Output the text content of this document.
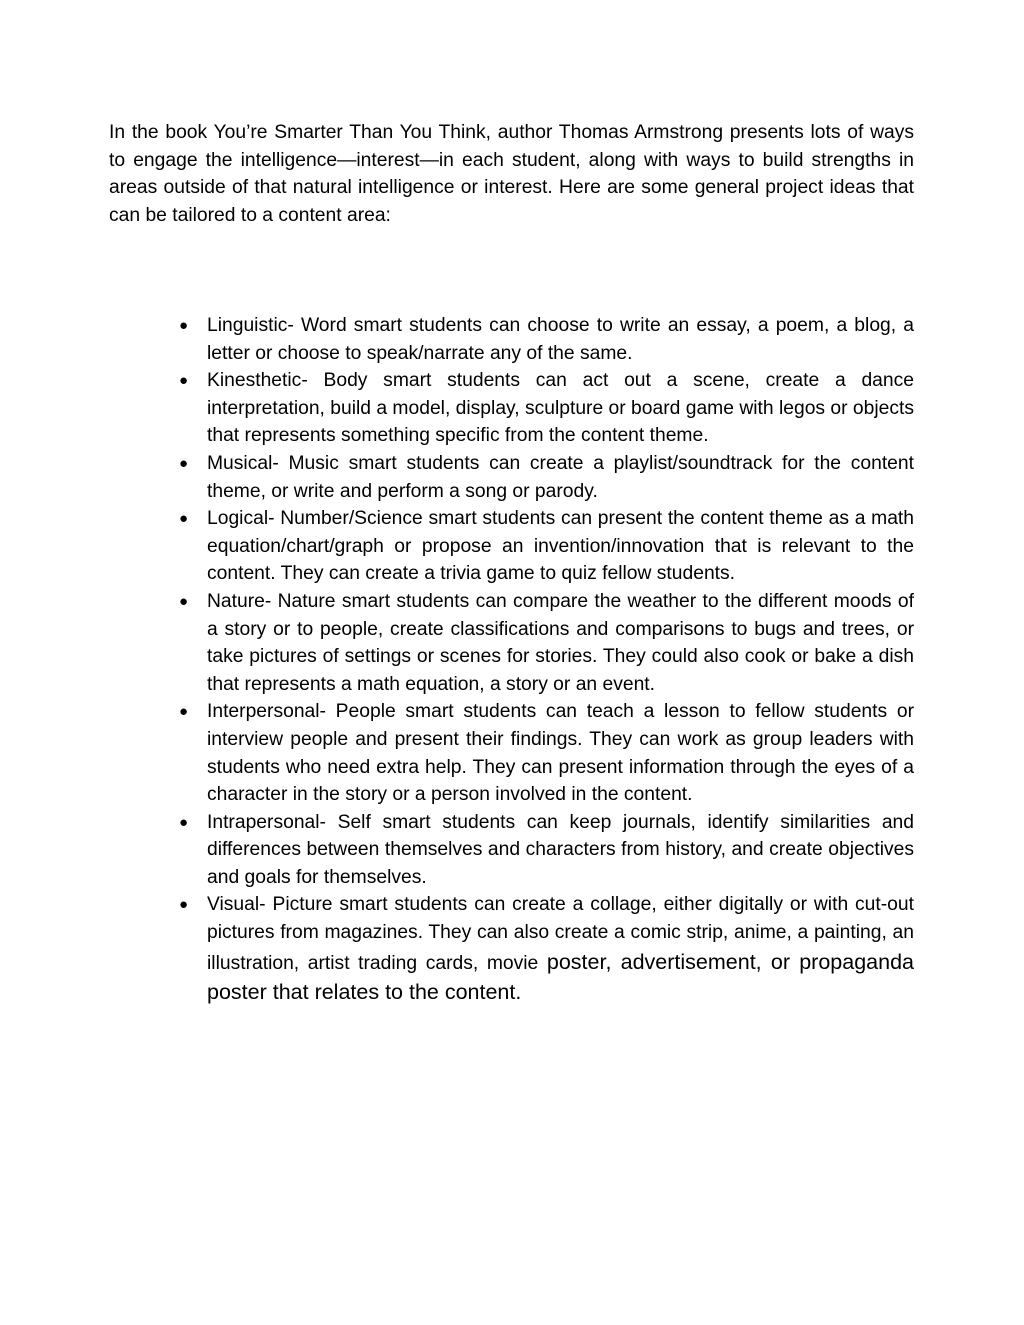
In the book You’re Smarter Than You Think, author Thomas Armstrong presents lots of ways to engage the intelligence—interest—in each student, along with ways to build strengths in areas outside of that natural intelligence or interest. Here are some general project ideas that can be tailored to a content area:

● Linguistic- Word smart students can choose to write an essay, a poem, a blog, a letter or choose to speak/narrate any of the same.
● Kinesthetic- Body smart students can act out a scene, create a dance interpretation, build a model, display, sculpture or board game with legos or objects that represents something specific from the content theme.
● Musical- Music smart students can create a playlist/soundtrack for the content theme, or write and perform a song or parody.
● Logical- Number/Science smart students can present the content theme as a math equation/chart/graph or propose an invention/innovation that is relevant to the content. They can create a trivia game to quiz fellow students.
● Nature- Nature smart students can compare the weather to the different moods of a story or to people, create classifications and comparisons to bugs and trees, or take pictures of settings or scenes for stories. They could also cook or bake a dish that represents a math equation, a story or an event.
● Interpersonal- People smart students can teach a lesson to fellow students or interview people and present their findings. They can work as group leaders with students who need extra help. They can present information through the eyes of a character in the story or a person involved in the content.
● Intrapersonal- Self smart students can keep journals, identify similarities and differences between themselves and characters from history, and create objectives and goals for themselves.
● Visual- Picture smart students can create a collage, either digitally or with cut-out pictures from magazines. They can also create a comic strip, anime, a painting, an illustration, artist trading cards, movie poster, advertisement, or propaganda poster that relates to the content.
